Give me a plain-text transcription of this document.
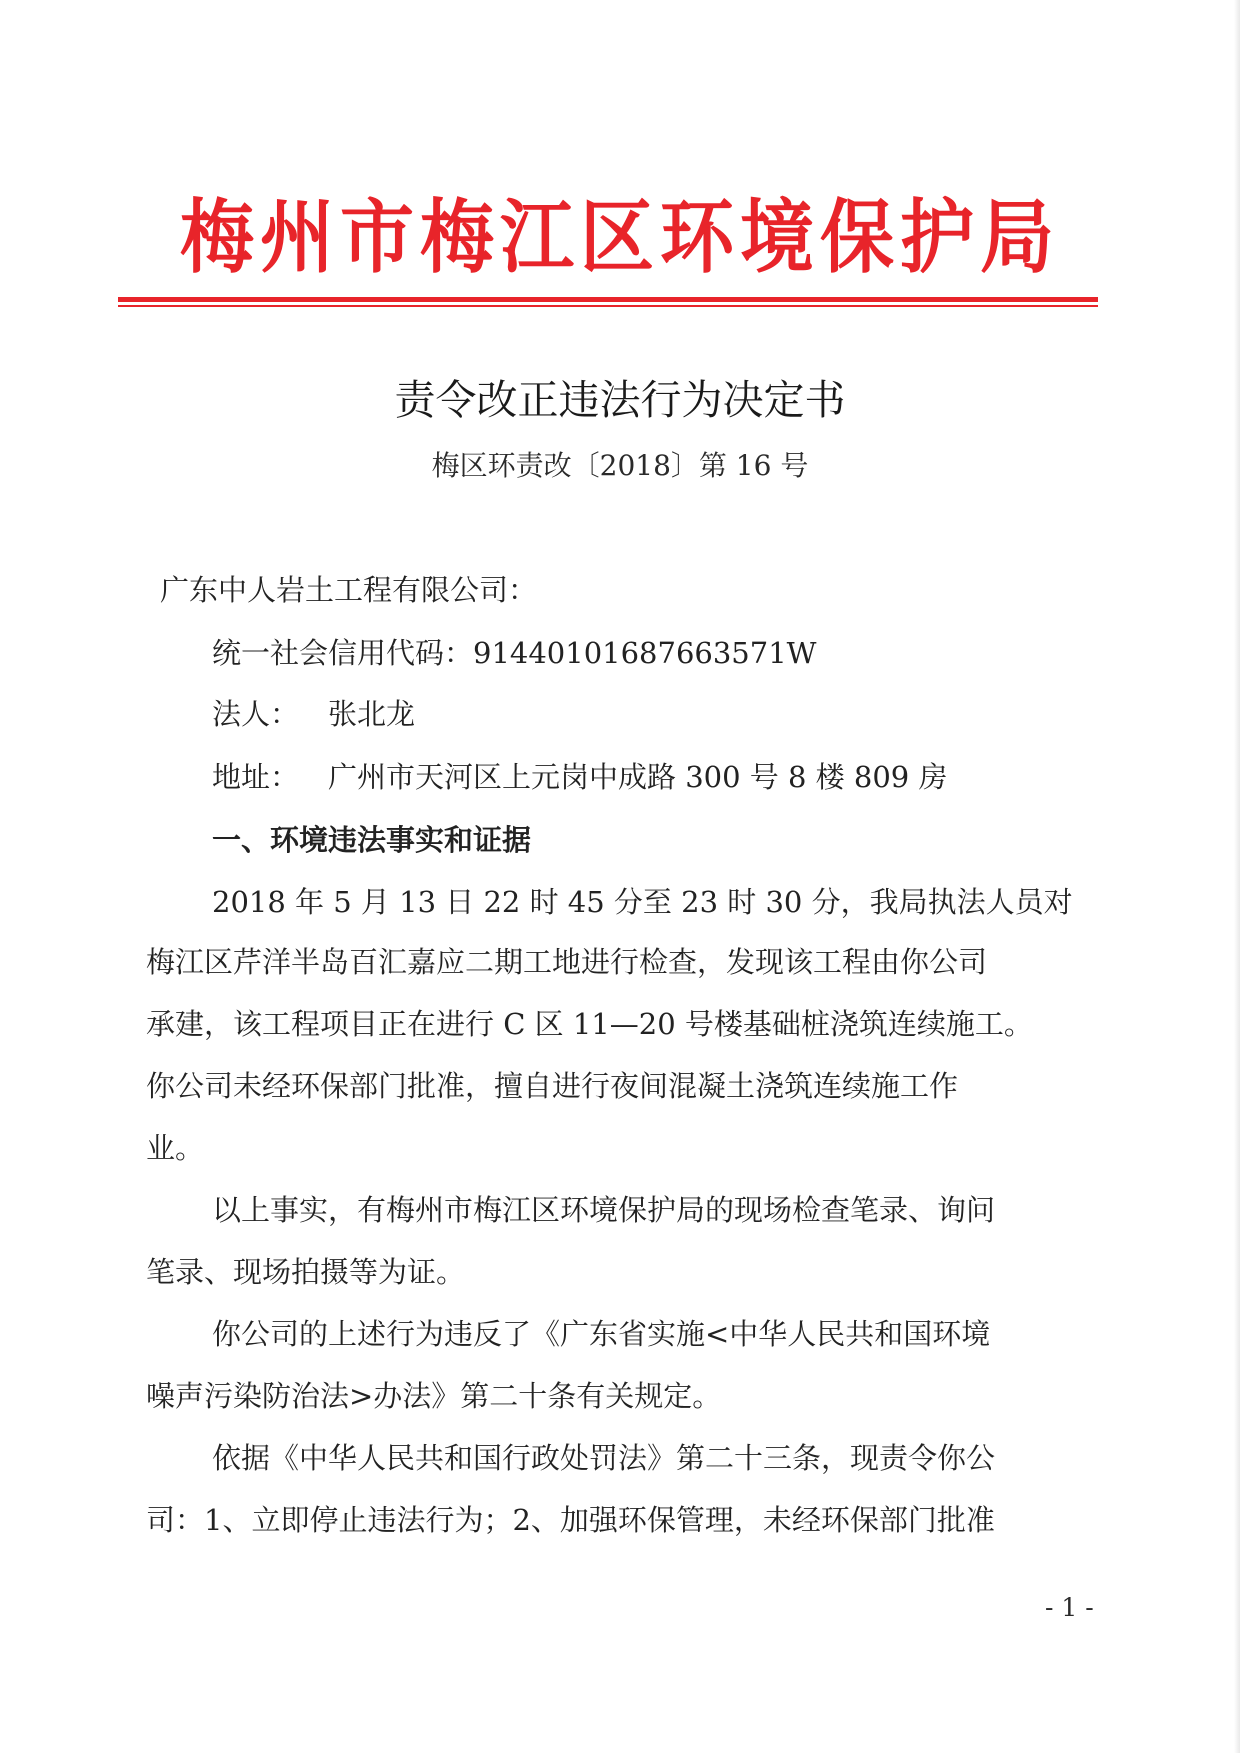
梅州市梅江区环境保护局
责令改正违法行为决定书
梅区环责改〔2018〕第 16 号
广东中人岩土工程有限公司：
统一社会信用代码：91440101687663571W
法人： 张北龙
地址： 广州市天河区上元岗中成路 300 号 8 楼 809 房
一、环境违法事实和证据
2018 年 5 月 13 日 22 时 45 分至 23 时 30 分，我局执法人员对
梅江区芹洋半岛百汇嘉应二期工地进行检查，发现该工程由你公司
承建，该工程项目正在进行 C 区 11—20 号楼基础桩浇筑连续施工。
你公司未经环保部门批准，擅自进行夜间混凝土浇筑连续施工作
业。
以上事实，有梅州市梅江区环境保护局的现场检查笔录、询问
笔录、现场拍摄等为证。
你公司的上述行为违反了《广东省实施<中华人民共和国环境
噪声污染防治法>办法》第二十条有关规定。
依据《中华人民共和国行政处罚法》第二十三条，现责令你公
司：1、立即停止违法行为；2、加强环保管理，未经环保部门批准
- 1 -
